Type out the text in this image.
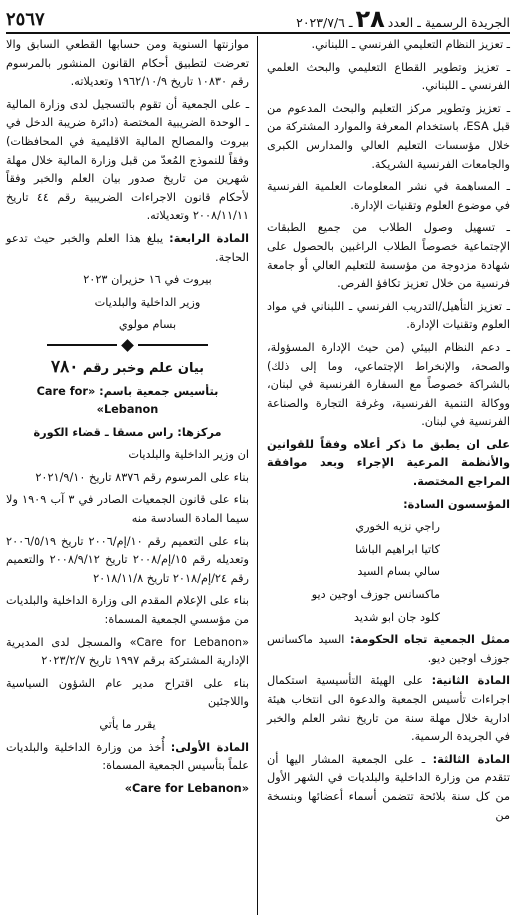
الجريدة الرسمية ـ العدد
٢٨
ـ ٢٠٢٣/٧/٦
٢٥٦٧

ـ تعزيز النظام التعليمي الفرنسي ـ اللبناني.

ـ تعزيز وتطوير القطاع التعليمي والبحث العلمي الفرنسي ـ اللبناني.

ـ تعزيز وتطوير مركز التعليم والبحث المدعوم من قبل ESA، باستخدام المعرفة والموارد المشتركة من خلال مؤسسات التعليم العالي والمدارس الكبرى والجامعات الفرنسية الشريكة.

ـ المساهمة في نشر المعلومات العلمية الفرنسية في موضوع العلوم وتقنيات الإدارة.

ـ تسهيل وصول الطلاب من جميع الطبقات الإجتماعية خصوصاً الطلاب الراغبين بالحصول على شهادة مزدوجة من مؤسسة للتعليم العالي أو جامعة فرنسية من خلال تعزيز تكافؤ الفرص.

ـ تعزيز التأهيل/التدريب الفرنسي ـ اللبناني في مواد العلوم وتقنيات الإدارة.

ـ دعم النظام البيئي (من حيث الإدارة المسؤولة، والصحة، والإنخراط الإجتماعي، وما إلى ذلك) بالشراكة خصوصاً مع السفارة الفرنسية في لبنان، ووكالة التنمية الفرنسية، وغرفة التجارة والصناعة الفرنسية في لبنان.

على ان يطبق ما ذكر أعلاه وفقاً للقوانين والأنظمة المرعية الإجراء وبعد موافقة المراجع المختصة.

المؤسسون السادة:

راجي نزيه الخوري

كاتيا ابراهيم الباشا

سالي بسام السيد

ماكسانس جوزف اوجين ديو

كلود جان ابو شديد

ممثل الجمعية تجاه الحكومة: السيد ماكسانس جوزف اوجين ديو.

المادة الثانية: على الهيئة التأسيسية استكمال اجراءات تأسيس الجمعية والدعوة الى انتخاب هيئة ادارية خلال مهلة سنة من تاريخ نشر العلم والخبر في الجريدة الرسمية.

المادة الثالثة: ـ على الجمعية المشار اليها أن تتقدم من وزارة الداخلية والبلديات في الشهر الأول من كل سنة بلائحة تتضمن أسماء أعضائها وبنسخة من

موازنتها السنوية ومن حسابها القطعي السابق والا تعرضت لتطبيق أحكام القانون المنشور بالمرسوم رقم ١٠٨٣٠ تاريخ ١٩٦٢/١٠/٩ وتعديلاته.

ـ على الجمعية أن تقوم بالتسجيل لدى وزارة المالية ـ الوحدة الضريبية المختصة (دائرة ضريبة الدخل في بيروت والمصالح المالية الاقليمية في المحافظات) وفقاً للنموذج المُعدّ من قبل وزارة المالية خلال مهلة شهرين من تاريخ صدور بيان العلم والخبر وفقاً لأحكام قانون الاجراءات الضريبية رقم ٤٤ تاريخ ٢٠٠٨/١١/١١ وتعديلاته.

المادة الرابعة: يبلغ هذا العلم والخبر حيث تدعو الحاجة.

بيروت في ١٦ حزيران ٢٠٢٣

وزير الداخلية والبلديات

بسام مولوي

بيان علم وخبر رقم ٧٨٠

بتأسيس جمعية باسم: «Care for Lebanon»

مركزها: راس مسقا ـ قضاء الكورة

ان وزير الداخلية والبلديات

بناء على المرسوم رقم ٨٣٧٦ تاريخ ٢٠٢١/٩/١٠

بناء على قانون الجمعيات الصادر في ٣ آب ١٩٠٩ ولا سيما المادة السادسة منه

بناء على التعميم رقم ١٠/إم/٢٠٠٦ تاريخ ٢٠٠٦/٥/١٩ وتعديله رقم ١٥/إم/٢٠٠٨ تاريخ ٢٠٠٨/٩/١٢ والتعميم رقم ٢٤/إم/٢٠١٨ تاريخ ٢٠١٨/١١/٨

بناء على الإعلام المقدم الى وزارة الداخلية والبلديات من مؤسسي الجمعية المسماة:

«Care for Lebanon» والمسجل لدى المديرية الإدارية المشتركة برقم ١٩٩٧ تاريخ ٢٠٢٣/٢/٧

بناء على اقتراح مدير عام الشؤون السياسية واللاجئين

يقرر ما يأتي

المادة الأولى: أُخذ من وزارة الداخلية والبلديات علماً بتأسيس الجمعية المسماة:

«Care for Lebanon»
